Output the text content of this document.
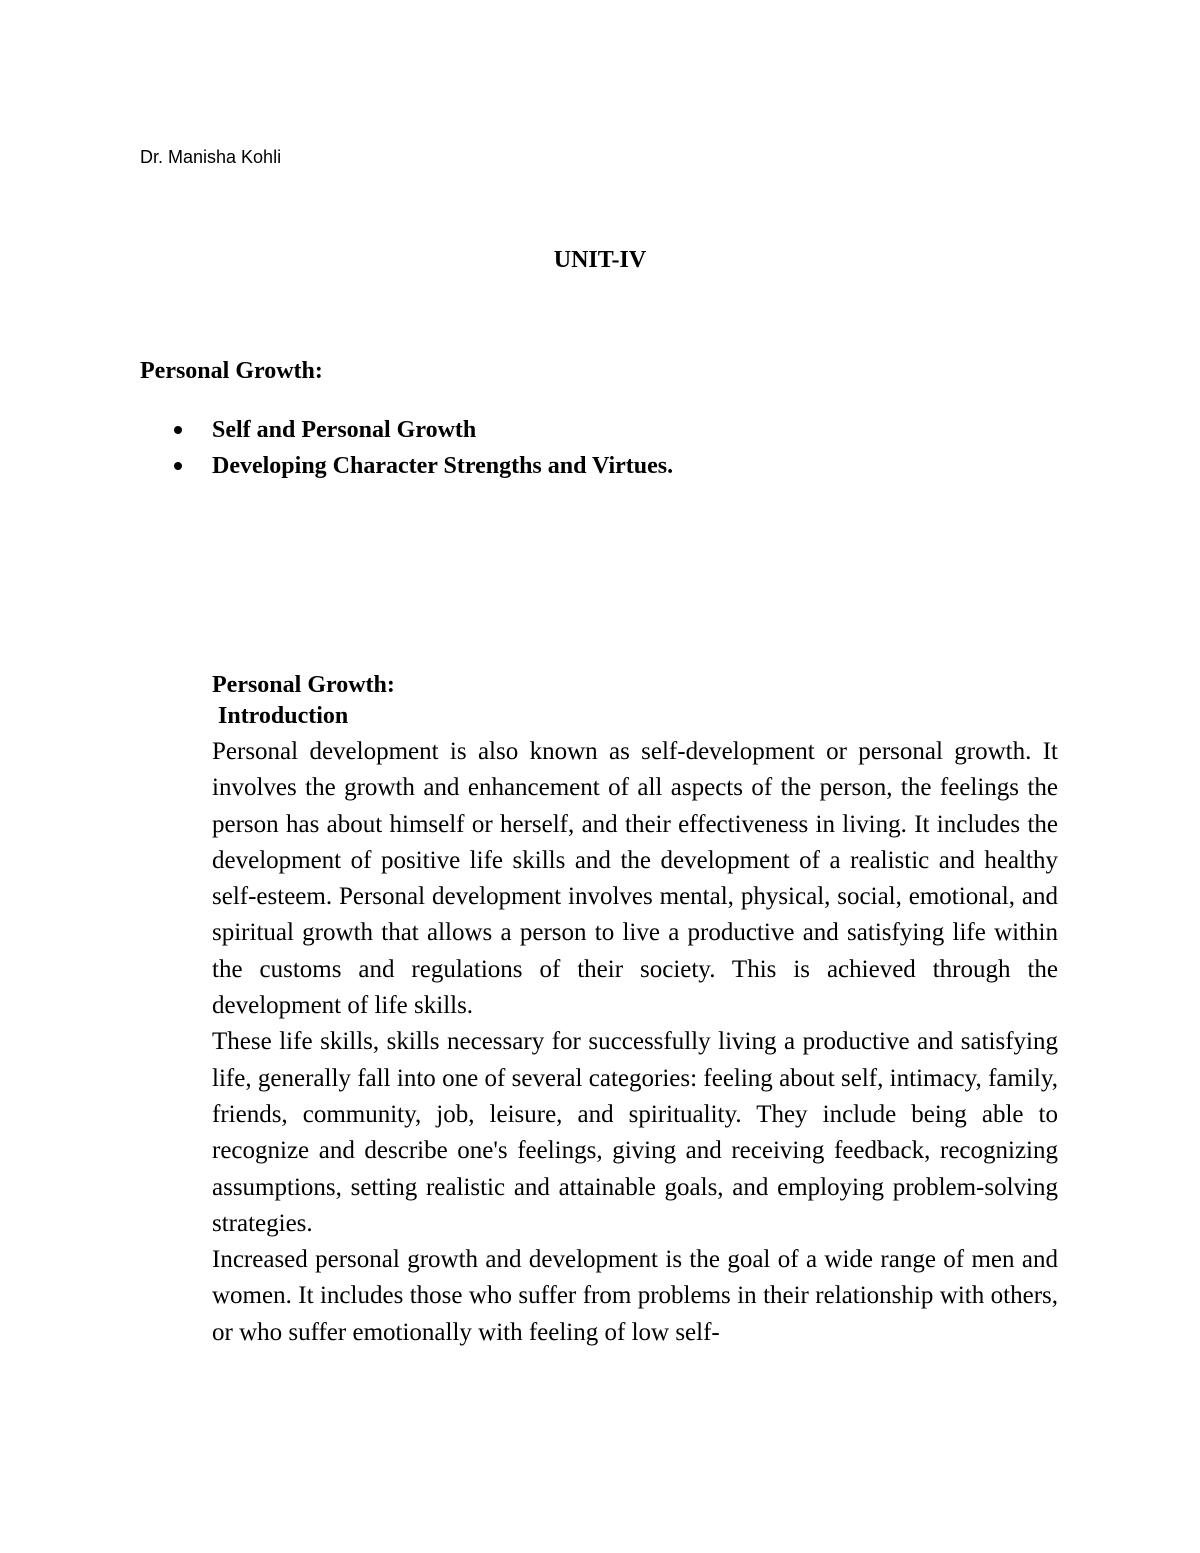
Dr. Manisha Kohli
UNIT-IV
Personal Growth:
Self and Personal Growth
Developing Character Strengths and Virtues.
Personal Growth:
Introduction

Personal development is also known as self-development or personal growth. It involves the growth and enhancement of all aspects of the person, the feelings the person has about himself or herself, and their effectiveness in living. It includes the development of positive life skills and the development of a realistic and healthy self-esteem. Personal development involves mental, physical, social, emotional, and spiritual growth that allows a person to live a productive and satisfying life within the customs and regulations of their society. This is achieved through the development of life skills.

These life skills, skills necessary for successfully living a productive and satisfying life, generally fall into one of several categories: feeling about self, intimacy, family, friends, community, job, leisure, and spirituality. They include being able to recognize and describe one's feelings, giving and receiving feedback, recognizing assumptions, setting realistic and attainable goals, and employing problem-solving strategies.

Increased personal growth and development is the goal of a wide range of men and women. It includes those who suffer from problems in their relationship with others, or who suffer emotionally with feeling of low self-
